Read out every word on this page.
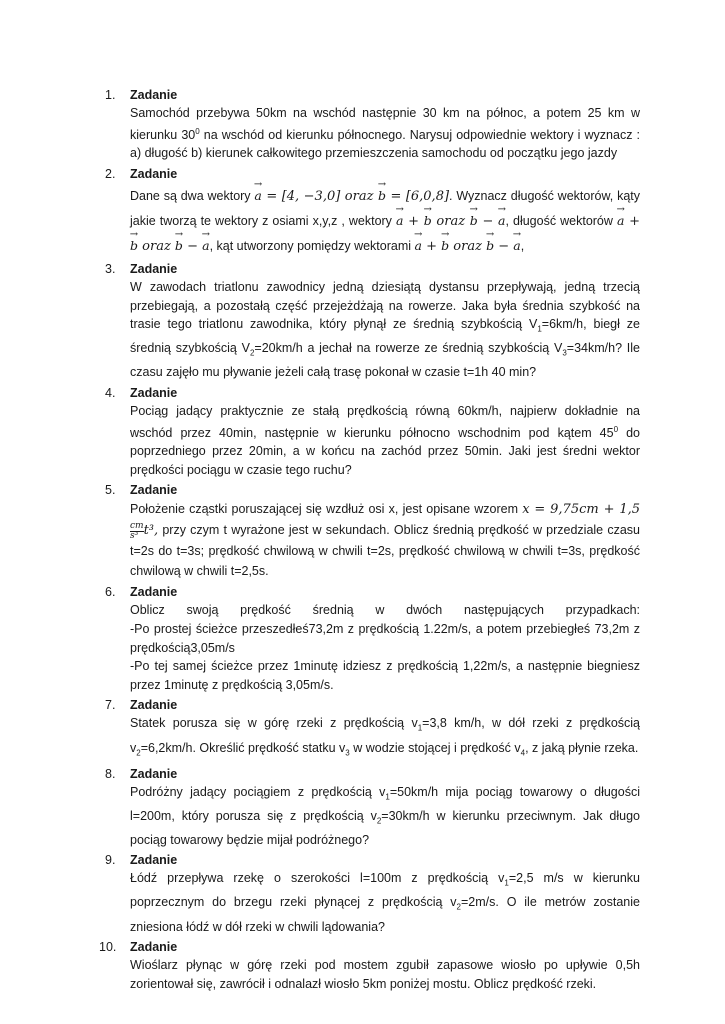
1. Zadanie

Samochód przebywa 50km na wschód następnie 30 km na północ, a potem 25 km w kierunku $30^0$ na wschód od kierunku północnego. Narysuj odpowiednie wektory i wyznacz : a) długość b) kierunek całkowitego przemieszczenia samochodu od początku jego jazdy

2. Zadanie

Dane są dwa wektory → a = [4, −3,0] oraz → b = [6,0,8]. Wyznacz długość wektorów, kąty jakie tworzą te wektory z osiami x,y,z , wektory → a + → b oraz → b − → a, długość wektorów → a + → b oraz → b − → a, kąt utworzony pomiędzy wektorami → a + → b oraz → b − → a,

3. Zadanie

W zawodach triatlonu zawodnicy jedną dziesiątą dystansu przepływają, jedną trzecią przebiegają, a pozostałą część przejeżdżają na rowerze. Jaka była średnia szybkość na trasie tego triatlonu zawodnika, który płynął ze średnią szybkością $V_1=6km/h$, biegł ze średnią szybkością $V_2=20km/h$ a jechał na rowerze ze średnią szybkością $V_3=34km/h$? Ile czasu zajęło mu pływanie jeżeli całą trasę pokonał w czasie t=1h 40 min?

4. Zadanie

Pociąg jadący praktycznie ze stałą prędkością równą 60km/h, najpierw dokładnie na wschód przez 40min, następnie w kierunku północno wschodnim pod kątem $45^0$ do poprzedniego przez 20min, a w końcu na zachód przez 50min. Jaki jest średni wektor prędkości pociągu w czasie tego ruchu?

5. Zadanie

Położenie cząstki poruszającej się wzdłuż osi x, jest opisane wzorem x = 9,75cm + 1,5
$\frac{cm}{\text{s³}} t^3$, przy czym t wyrażone jest w sekundach. Oblicz średnią prędkość w przedziale czasu t=2s do t=3s; prędkość chwilową w chwili t=2s, prędkość chwilową w chwili t=3s, prędkość chwilową w chwili t=2,5s.

6. Zadanie

Oblicz swoją prędkość średnią w dwóch następujących przypadkach:

-Po prostej ścieżce przeszedłeś73,2m z prędkością 1.22m/s, a potem przebiegłeś 73,2m z prędkością3,05m/s

-Po tej samej ścieżce przez 1minutę idziesz z prędkością 1,22m/s, a następnie biegniesz przez 1minutę z prędkością 3,05m/s.

7. Zadanie

Statek porusza się w górę rzeki z prędkością $v_1=3,8$ km/h, w dół rzeki z prędkością $v_2=6,2km/h$. Określić prędkość statku $v_3$ w wodzie stojącej i prędkość $v_4$, z jaką płynie rzeka.

8. Zadanie

Podróżny jadący pociągiem z prędkością $v_1=50km/h$ mija pociąg towarowy o długości l=200m, który porusza się z prędkością $v_2=30km/h$ w kierunku przeciwnym. Jak długo pociąg towarowy będzie mijał podróżnego?

9. Zadanie

Łódź przepływa rzekę o szerokości l=100m z prędkością $v_1=2,5$ m/s w kierunku poprzecznym do brzegu rzeki płynącej z prędkością $v_2=2m/s$. O ile metrów zostanie zniesiona łódź w dół rzeki w chwili lądowania?

10. Zadanie

Wioślarz płynąc w górę rzeki pod mostem zgubił zapasowe wiosło po upływie 0,5h zorientował się, zawrócił i odnalazł wiosło 5km poniżej mostu. Oblicz prędkość rzeki.
